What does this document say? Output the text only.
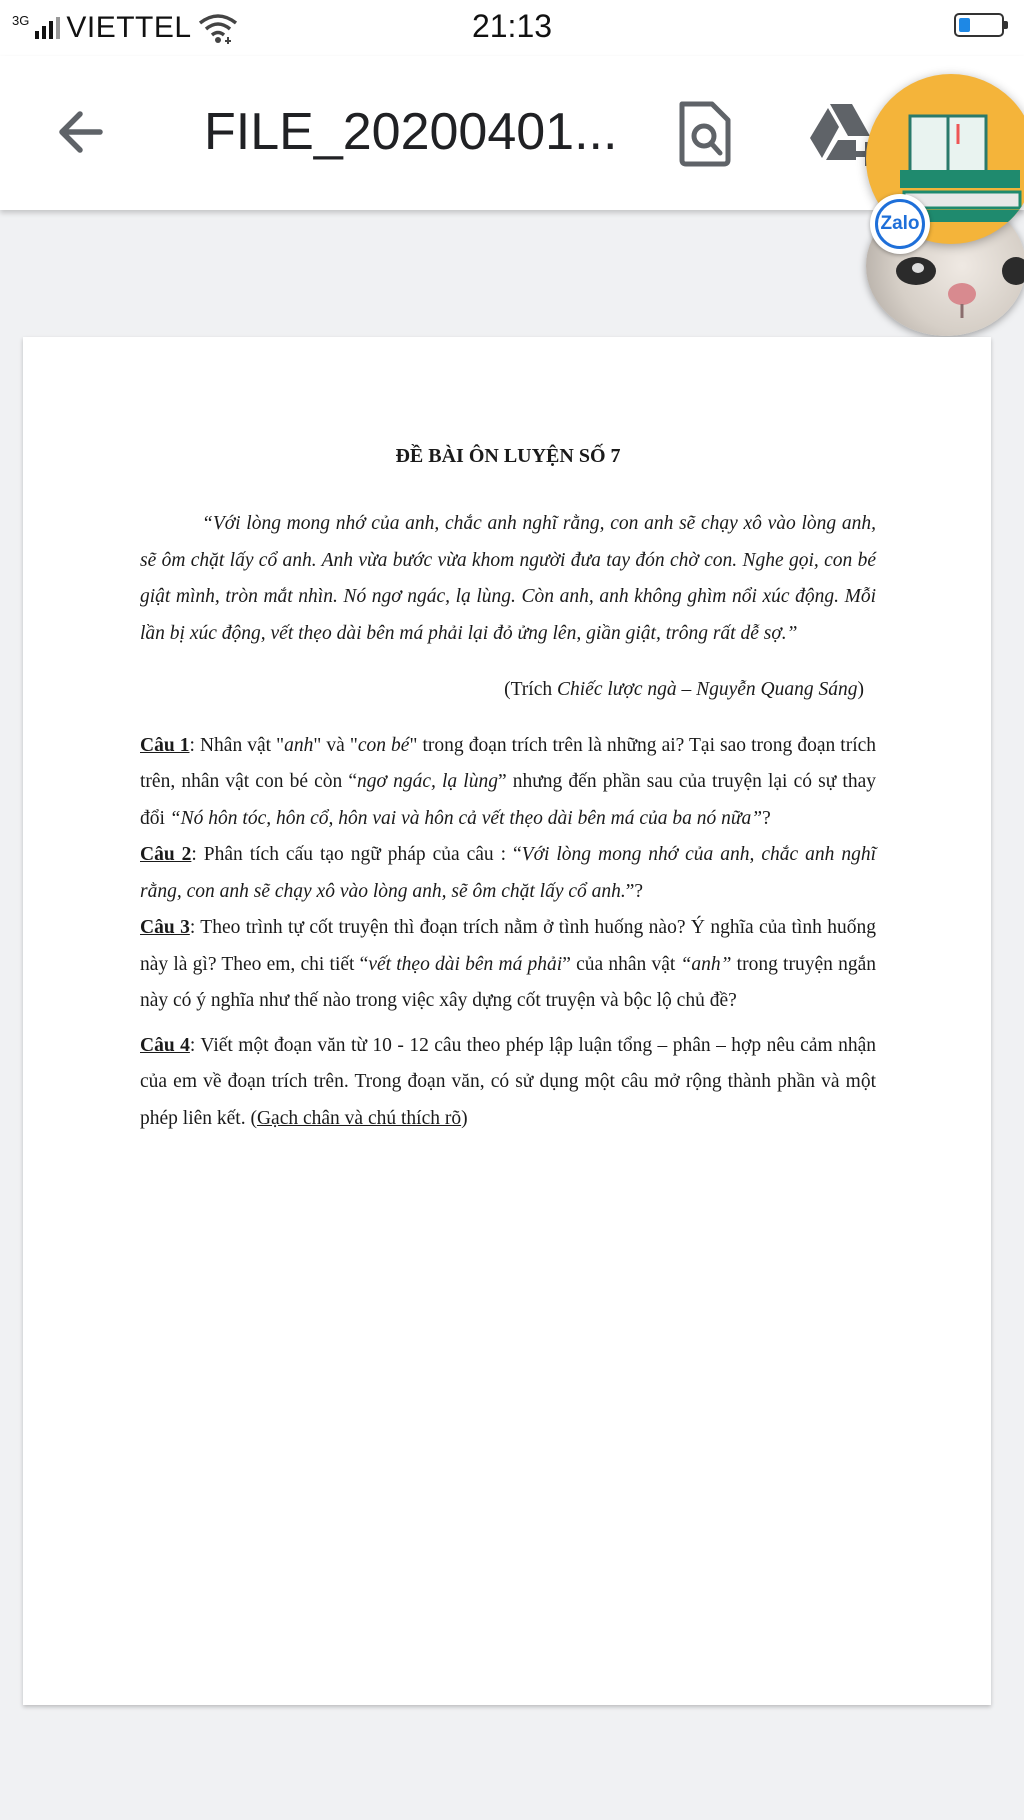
3G VIETTEL	21:13
FILE_20200401...
Zalo

ĐỀ BÀI ÔN LUYỆN SỐ 7

“Với lòng mong nhớ của anh, chắc anh nghĩ rằng, con anh sẽ chạy xô vào lòng anh, sẽ ôm chặt lấy cổ anh. Anh vừa bước vừa khom người đưa tay đón chờ con. Nghe gọi, con bé giật mình, tròn mắt nhìn. Nó ngơ ngác, lạ lùng. Còn anh, anh không ghìm nổi xúc động. Mỗi lần bị xúc động, vết thẹo dài bên má phải lại đỏ ửng lên, giần giật, trông rất dễ sợ.”

(Trích Chiếc lược ngà – Nguyễn Quang Sáng)

Câu 1: Nhân vật "anh" và "con bé" trong đoạn trích trên là những ai? Tại sao trong đoạn trích trên, nhân vật con bé còn “ngơ ngác, lạ lùng” nhưng đến phần sau của truyện lại có sự thay đổi “Nó hôn tóc, hôn cổ, hôn vai và hôn cả vết thẹo dài bên má của ba nó nữa”?

Câu 2: Phân tích cấu tạo ngữ pháp của câu : “Với lòng mong nhớ của anh, chắc anh nghĩ rằng, con anh sẽ chạy xô vào lòng anh, sẽ ôm chặt lấy cổ anh.”?

Câu 3: Theo trình tự cốt truyện thì đoạn trích nằm ở tình huống nào? Ý nghĩa của tình huống này là gì? Theo em, chi tiết “vết thẹo dài bên má phải” của nhân vật “anh” trong truyện ngắn này có ý nghĩa như thế nào trong việc xây dựng cốt truyện và bộc lộ chủ đề?

Câu 4: Viết một đoạn văn từ 10 - 12 câu theo phép lập luận tổng – phân – hợp nêu cảm nhận của em về đoạn trích trên. Trong đoạn văn, có sử dụng một câu mở rộng thành phần và một phép liên kết. (Gạch chân và chú thích rõ)
